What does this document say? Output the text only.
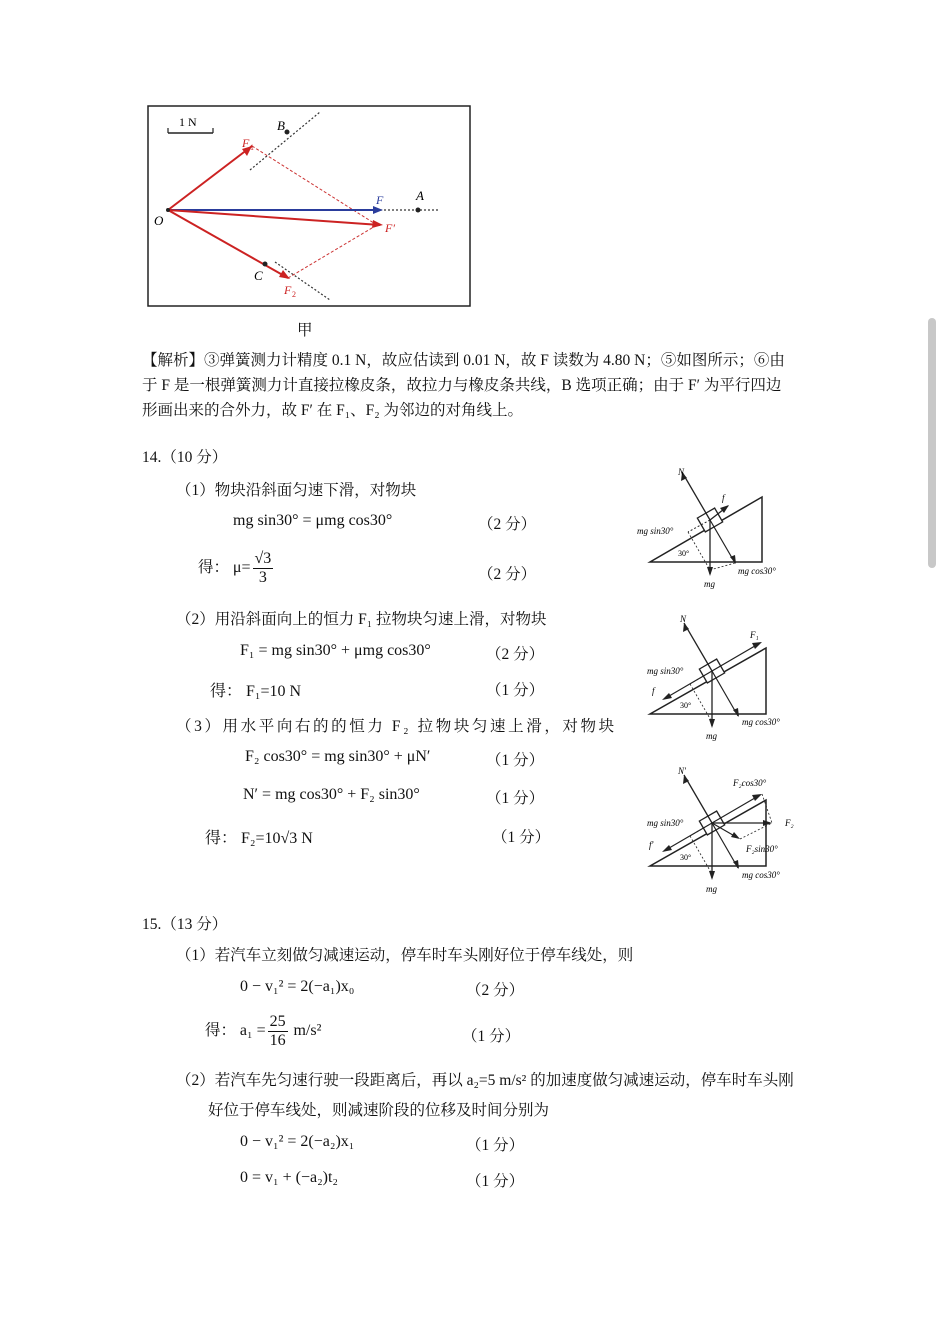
1 N	B
A
C
O
F
F 1
F 2
F′
甲
【解析】③弹簧测力计精度 0.1 N，故应估读到 0.01 N，故 F 读数为 4.80 N；⑤如图所示；⑥由
于 F 是一根弹簧测力计直接拉橡皮条，故拉力与橡皮条共线，B 选项正确；由于 F′ 为平行四边
形画出来的合外力，故 F′ 在 F₁、F₂ 为邻边的对角线上。
14.（10 分）
（1）物块沿斜面匀速下滑，对物块
mg sin30° = μmg cos30°	（2 分）
得： $\mu= \frac{√3}{3}$	（2 分）
（2）用沿斜面向上的恒力 F₁ 拉物块匀速上滑，对物块
F₁ = mg sin30° + μmg cos30°	（2 分）
得： F₁=10 N	（1 分）
（3）用水平向右的的恒力 F₂ 拉物块匀速上滑，对物块
F₂ cos30° = mg sin30° + μN′	（1 分）
N′ = mg cos30° + F₂ sin30°	（1 分）
得： F₂=10√3 N	（1 分）
N
f
mg sin30°
30°
mg
mg cos30°
N
F₁
mg sin30°
f
30°
mg
mg cos30°
N′
F₂cos30°
F₂
mg sin30°
f′
30°
F₂sin30°
mg
mg cos30°
15.（13 分）
（1）若汽车立刻做匀减速运动，停车时车头刚好位于停车线处，则
0 − v₁² = 2(−a₁)x₀	（2 分）
得： $a_1 = \frac{25}{16} m/s^2$	（1 分）
（2）若汽车先匀速行驶一段距离后，再以 a₂=5 m/s² 的加速度做匀减速运动，停车时车头刚
好位于停车线处，则减速阶段的位移及时间分别为
0 − v₁² = 2(−a₂)x₁	（1 分）
0 = v₁ + (−a₂)t₂	（1 分）
